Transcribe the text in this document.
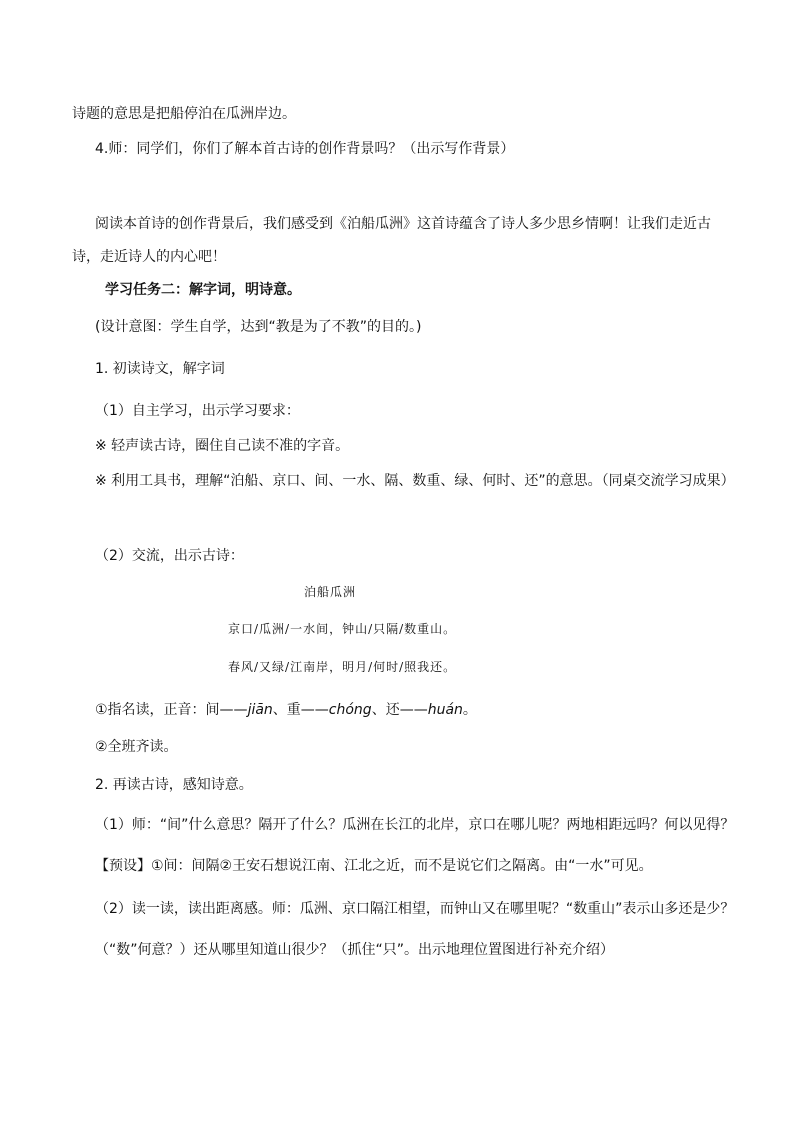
诗题的意思是把船停泊在瓜洲岸边。
4.师：同学们，你们了解本首古诗的创作背景吗？（出示写作背景）
阅读本首诗的创作背景后，我们感受到《泊船瓜洲》这首诗蕴含了诗人多少思乡情啊！让我们走近古诗，走近诗人的内心吧！
学习任务二：解字词，明诗意。
(设计意图：学生自学，达到“教是为了不教”的目的。)
1. 初读诗文，解字词
（1）自主学习，出示学习要求：
※ 轻声读古诗，圈住自己读不准的字音。
※ 利用工具书，理解“泊船、京口、间、一水、隔、数重、绿、何时、还”的意思。（同桌交流学习成果）
（2）交流，出示古诗：
泊船瓜洲
京口/瓜洲/一水间，钟山/只隔/数重山。
春风/又绿/江南岸，明月/何时/照我还。
①指名读，正音：间——jiān、重——chóng、还——huán。
②全班齐读。
2. 再读古诗，感知诗意。
（1）师：“间”什么意思？隔开了什么？瓜洲在长江的北岸，京口在哪儿呢？两地相距远吗？何以见得？
【预设】①间：间隔②王安石想说江南、江北之近，而不是说它们之隔离。由“一水”可见。
（2）读一读，读出距离感。师：瓜洲、京口隔江相望，而钟山又在哪里呢？“数重山”表示山多还是少？
（“数”何意？）还从哪里知道山很少？（抓住“只”。出示地理位置图进行补充介绍）
